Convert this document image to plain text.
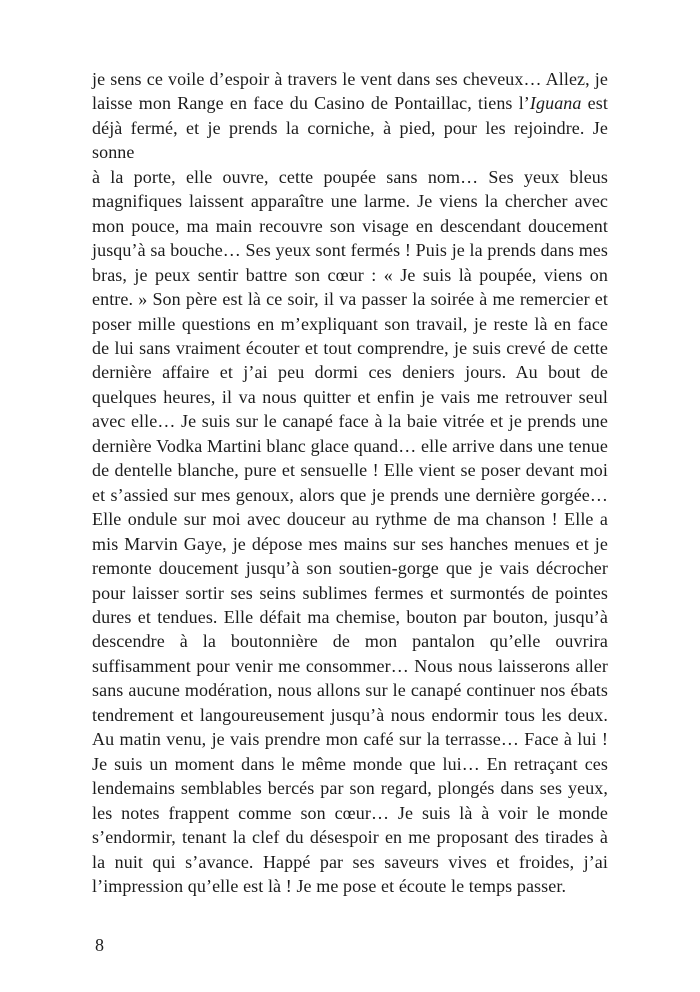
je sens ce voile d’espoir à travers le vent dans ses cheveux… Allez, je
laisse mon Range en face du Casino de Pontaillac, tiens l’Iguana est
déjà fermé, et je prends la corniche, à pied, pour les rejoindre. Je sonne
à la porte, elle ouvre, cette poupée sans nom… Ses yeux bleus
magnifiques laissent apparaître une larme. Je viens la chercher avec
mon pouce, ma main recouvre son visage en descendant doucement
jusqu’à sa bouche… Ses yeux sont fermés ! Puis je la prends dans mes
bras, je peux sentir battre son cœur : « Je suis là poupée, viens on
entre. » Son père est là ce soir, il va passer la soirée à me remercier et
poser mille questions en m’expliquant son travail, je reste là en face
de lui sans vraiment écouter et tout comprendre, je suis crevé de cette
dernière affaire et j’ai peu dormi ces deniers jours. Au bout de
quelques heures, il va nous quitter et enfin je vais me retrouver seul
avec elle… Je suis sur le canapé face à la baie vitrée et je prends une
dernière Vodka Martini blanc glace quand… elle arrive dans une tenue
de dentelle blanche, pure et sensuelle ! Elle vient se poser devant moi
et s’assied sur mes genoux, alors que je prends une dernière gorgée…
Elle ondule sur moi avec douceur au rythme de ma chanson ! Elle a
mis Marvin Gaye, je dépose mes mains sur ses hanches menues et je
remonte doucement jusqu’à son soutien-gorge que je vais décrocher
pour laisser sortir ses seins sublimes fermes et surmontés de pointes
dures et tendues. Elle défait ma chemise, bouton par bouton, jusqu’à
descendre à la boutonnière de mon pantalon qu’elle ouvrira
suffisamment pour venir me consommer… Nous nous laisserons aller
sans aucune modération, nous allons sur le canapé continuer nos ébats
tendrement et langoureusement jusqu’à nous endormir tous les deux.
Au matin venu, je vais prendre mon café sur la terrasse… Face à lui !
Je suis un moment dans le même monde que lui… En retraçant ces
lendemains semblables bercés par son regard, plongés dans ses yeux,
les notes frappent comme son cœur… Je suis là à voir le monde
s’endormir, tenant la clef du désespoir en me proposant des tirades à
la nuit qui s’avance. Happé par ses saveurs vives et froides, j’ai
l’impression qu’elle est là ! Je me pose et écoute le temps passer.
8
